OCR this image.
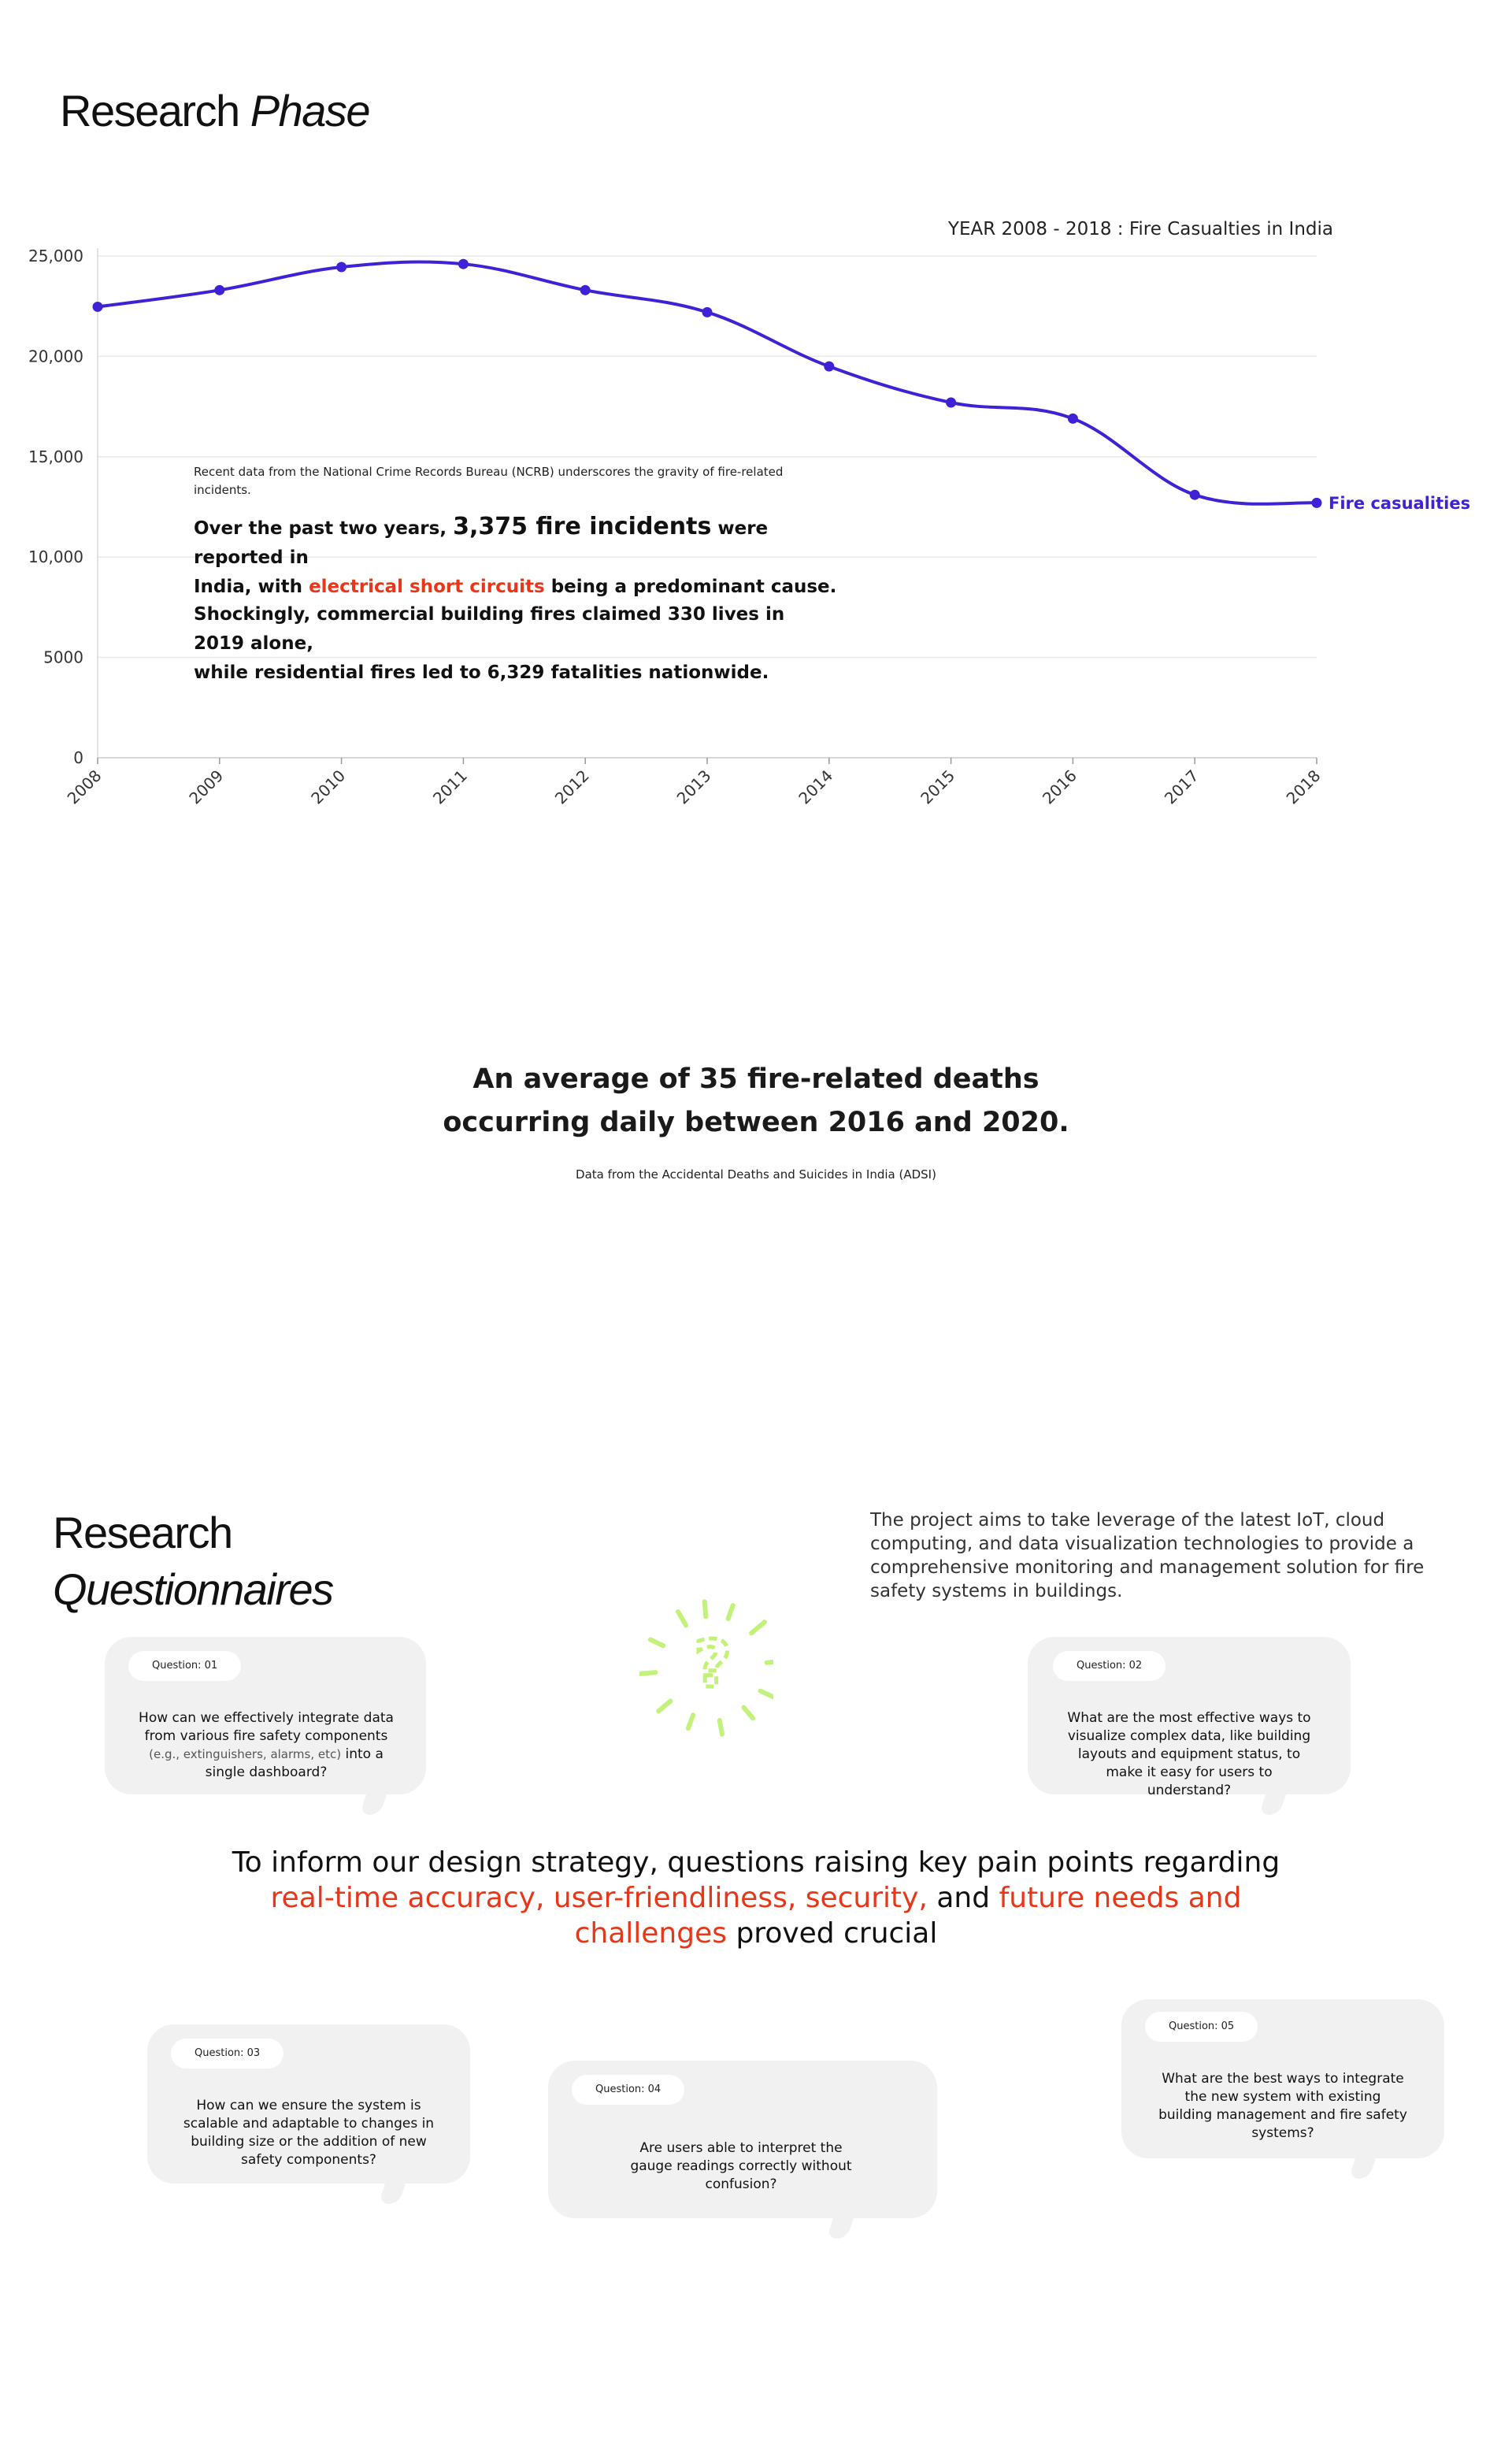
Research Phase
0
5000
10,000
15,000
20,000
25,000
2008	2009	2010	2011	2012	2013	2014	2015	2016	2017	2018
YEAR 2008 - 2018 : Fire Casualties in India
Fire casualities
Recent data from the National Crime Records Bureau (NCRB) underscores the gravity of fire-related incidents.
Over the past two years, 3,375 fire incidents were reported in
India, with electrical short circuits being a predominant cause.
Shockingly, commercial building fires claimed 330 lives in 2019 alone,
while residential fires led to 6,329 fatalities nationwide.
An average of 35 fire-related deaths
occurring daily between 2016 and 2020.
Data from the Accidental Deaths and Suicides in India (ADSI)
Research
Questionnaires
The project aims to take leverage of the latest IoT, cloud computing, and data visualization technologies to provide a comprehensive monitoring and management solution for fire safety systems in buildings.
?
Question: 01
How can we effectively integrate data from various fire safety components (e.g., extinguishers, alarms, etc) into a single dashboard?
Question: 02
What are the most effective ways to visualize complex data, like building layouts and equipment status, to make it easy for users to understand?
To inform our design strategy, questions raising key pain points regarding
real-time accuracy, user-friendliness, security, and future needs and
challenges proved crucial
Question: 03
How can we ensure the system is scalable and adaptable to changes in building size or the addition of new safety components?
Question: 04
Are users able to interpret the gauge readings correctly without confusion?
Question: 05
What are the best ways to integrate the new system with existing building management and fire safety systems?
